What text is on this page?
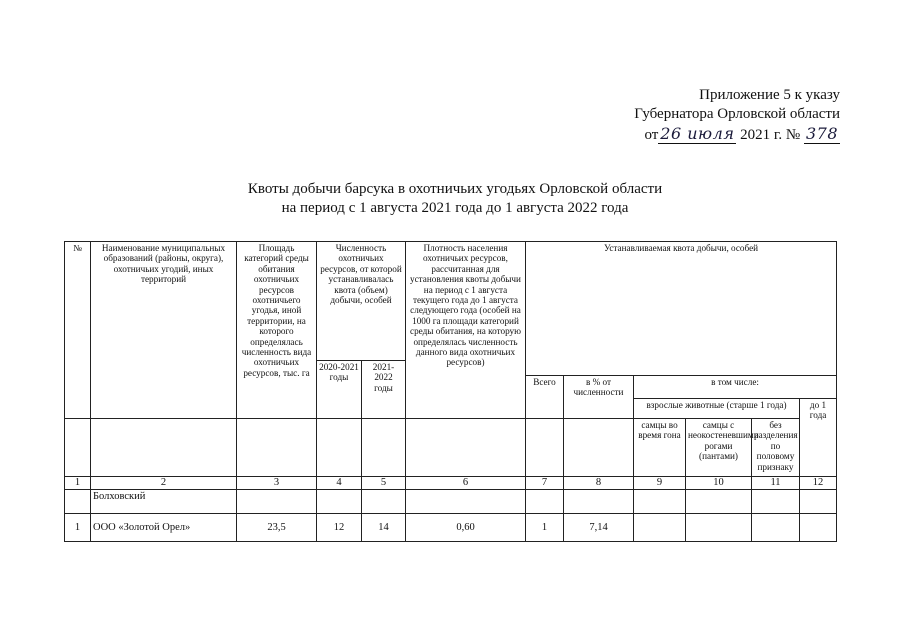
Приложение 5 к указу
Губернатора Орловской области
от 26 июля 2021 г. № 378
Квоты добычи барсука в охотничьих угодьях Орловской области
на период с 1 августа 2021 года до 1 августа 2022 года
№	Наименование муниципальных образований (районы, округа), охотничьих угодий, иных территорий	Площадь категорий среды обитания охотничьих ресурсов охотничьего угодья, иной территории, на которого определялась численность вида охотничьих ресурсов, тыс. га	Численность охотничьих ресурсов, от которой устанавливалась квота (объем) добычи, особей		Плотность населения охотничьих ресурсов, рассчитанная для установления квоты добычи на период с 1 августа текущего года до 1 августа следующего года (особей на 1000 га площади категорий среды обитания, на которую определялась численность данного вида охотничьих ресурсов)	Устанавливаемая квота добычи, особей					
			2020-2021 годы	2021-2022 годы							
						Всего	в % от численности	в том числе:			
								взрослые животные (старше 1 года)			до 1 года
								самцы во время гона	самцы с неокостеневшими рогами (пантами)	без разделения по половому признаку	
1	2	3	4	5	6	7	8	9	10	11	12
	Болховский										
1	ООО «Золотой Орел»	23,5	12	14	0,60	1	7,14				
